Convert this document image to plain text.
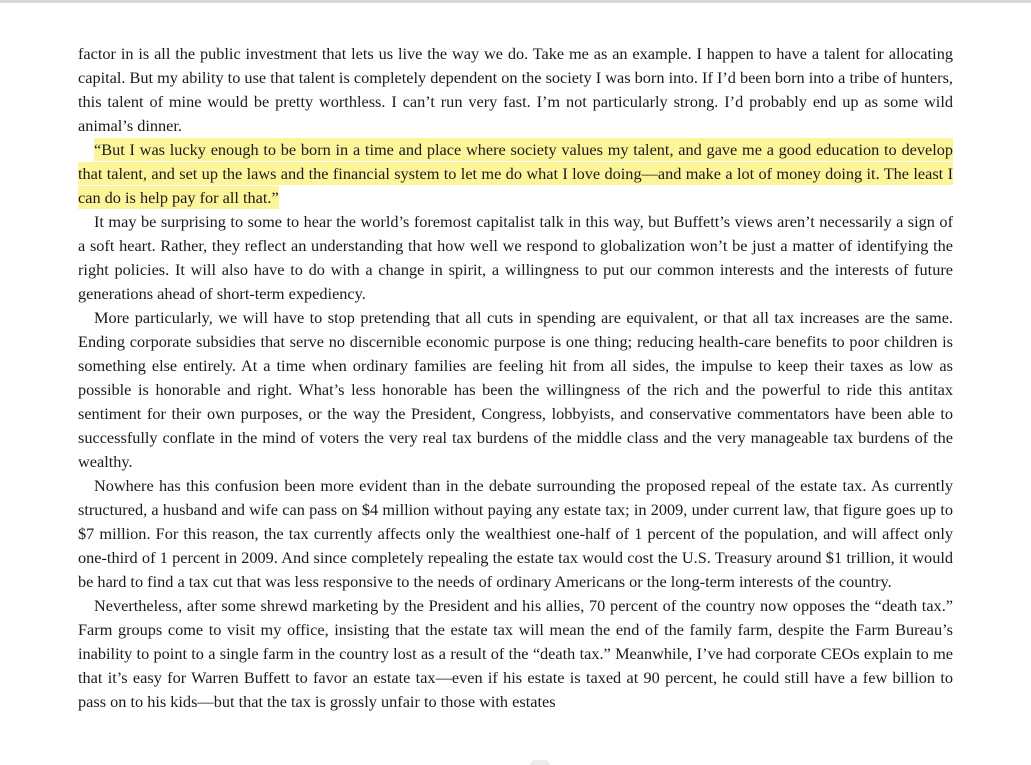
factor in is all the public investment that lets us live the way we do. Take me as an example. I happen to have a talent for allocating capital. But my ability to use that talent is completely dependent on the society I was born into. If I’d been born into a tribe of hunters, this talent of mine would be pretty worthless. I can’t run very fast. I’m not particularly strong. I’d probably end up as some wild animal’s dinner.

“But I was lucky enough to be born in a time and place where society values my talent, and gave me a good education to develop that talent, and set up the laws and the financial system to let me do what I love doing—and make a lot of money doing it. The least I can do is help pay for all that.”

It may be surprising to some to hear the world’s foremost capitalist talk in this way, but Buffett’s views aren’t necessarily a sign of a soft heart. Rather, they reflect an understanding that how well we respond to globalization won’t be just a matter of identifying the right policies. It will also have to do with a change in spirit, a willingness to put our common interests and the interests of future generations ahead of short-term expediency.

More particularly, we will have to stop pretending that all cuts in spending are equivalent, or that all tax increases are the same. Ending corporate subsidies that serve no discernible economic purpose is one thing; reducing health-care benefits to poor children is something else entirely. At a time when ordinary families are feeling hit from all sides, the impulse to keep their taxes as low as possible is honorable and right. What’s less honorable has been the willingness of the rich and the powerful to ride this antitax sentiment for their own purposes, or the way the President, Congress, lobbyists, and conservative commentators have been able to successfully conflate in the mind of voters the very real tax burdens of the middle class and the very manageable tax burdens of the wealthy.

Nowhere has this confusion been more evident than in the debate surrounding the proposed repeal of the estate tax. As currently structured, a husband and wife can pass on $4 million without paying any estate tax; in 2009, under current law, that figure goes up to $7 million. For this reason, the tax currently affects only the wealthiest one-half of 1 percent of the population, and will affect only one-third of 1 percent in 2009. And since completely repealing the estate tax would cost the U.S. Treasury around $1 trillion, it would be hard to find a tax cut that was less responsive to the needs of ordinary Americans or the long-term interests of the country.

Nevertheless, after some shrewd marketing by the President and his allies, 70 percent of the country now opposes the “death tax.” Farm groups come to visit my office, insisting that the estate tax will mean the end of the family farm, despite the Farm Bureau’s inability to point to a single farm in the country lost as a result of the “death tax.” Meanwhile, I’ve had corporate CEOs explain to me that it’s easy for Warren Buffett to favor an estate tax—even if his estate is taxed at 90 percent, he could still have a few billion to pass on to his kids—but that the tax is grossly unfair to those with estates
